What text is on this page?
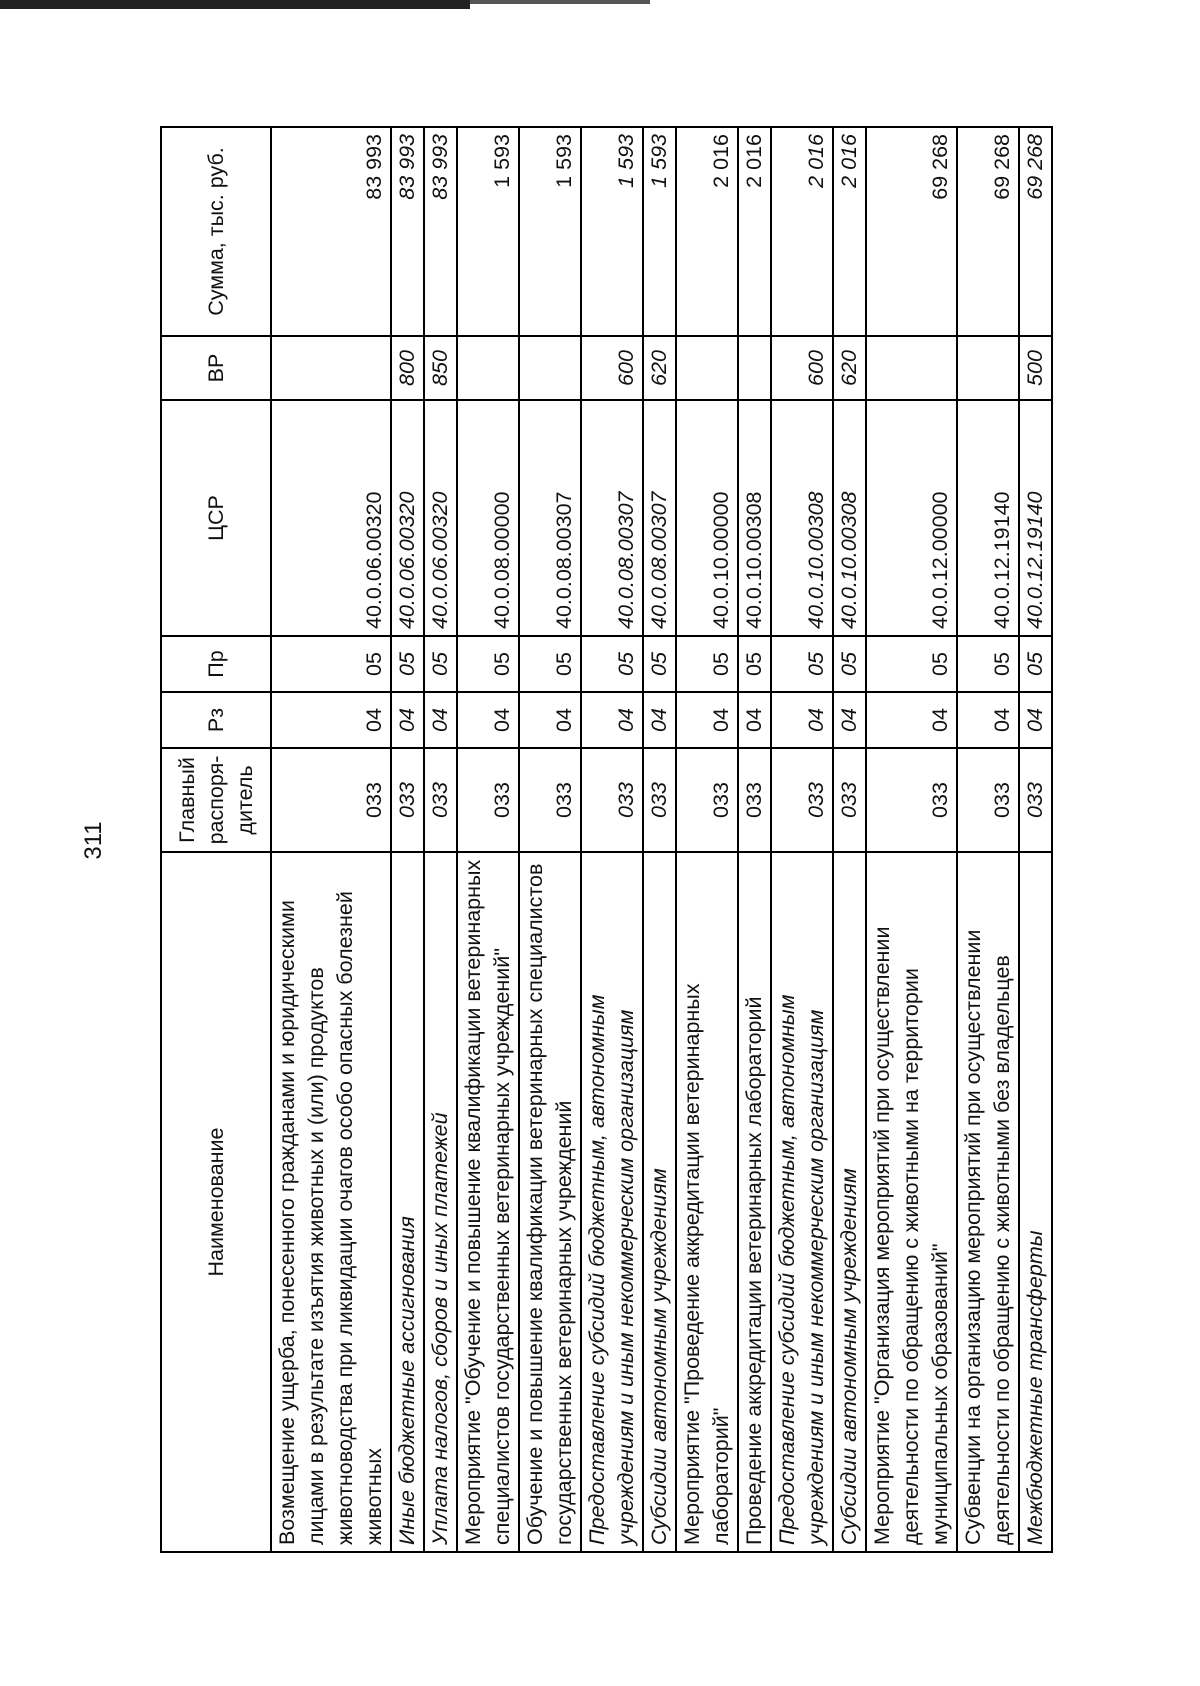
311
Наименование	Главный распоря-дитель	Рз	Пр	ЦСР	ВР	Сумма, тыс. руб.
Возмещение ущерба, понесенного гражданами и юридическими лицами в результате изъятия животных и (или) продуктов животноводства при ликвидации очагов особо опасных болезней животных	033	04	05	40.0.06.00320		83 993
Иные бюджетные ассигнования	033	04	05	40.0.06.00320	800	83 993
Уплата налогов, сборов и иных платежей	033	04	05	40.0.06.00320	850	83 993
Мероприятие "Обучение и повышение квалификации ветеринарных специалистов государственных ветеринарных учреждений"	033	04	05	40.0.08.00000		1 593
Обучение и повышение квалификации ветеринарных специалистов государственных ветеринарных учреждений	033	04	05	40.0.08.00307		1 593
Предоставление субсидий бюджетным, автономным учреждениям и иным некоммерческим организациям	033	04	05	40.0.08.00307	600	1 593
Субсидии автономным учреждениям	033	04	05	40.0.08.00307	620	1 593
Мероприятие "Проведение аккредитации ветеринарных лабораторий"	033	04	05	40.0.10.00000		2 016
Проведение аккредитации ветеринарных лабораторий	033	04	05	40.0.10.00308		2 016
Предоставление субсидий бюджетным, автономным учреждениям и иным некоммерческим организациям	033	04	05	40.0.10.00308	600	2 016
Субсидии автономным учреждениям	033	04	05	40.0.10.00308	620	2 016
Мероприятие "Организация мероприятий при осуществлении деятельности по обращению с животными на территории муниципальных образований"	033	04	05	40.0.12.00000		69 268
Субвенции на организацию мероприятий при осуществлении деятельности по обращению с животными без владельцев	033	04	05	40.0.12.19140		69 268
Межбюджетные трансферты	033	04	05	40.0.12.19140	500	69 268
